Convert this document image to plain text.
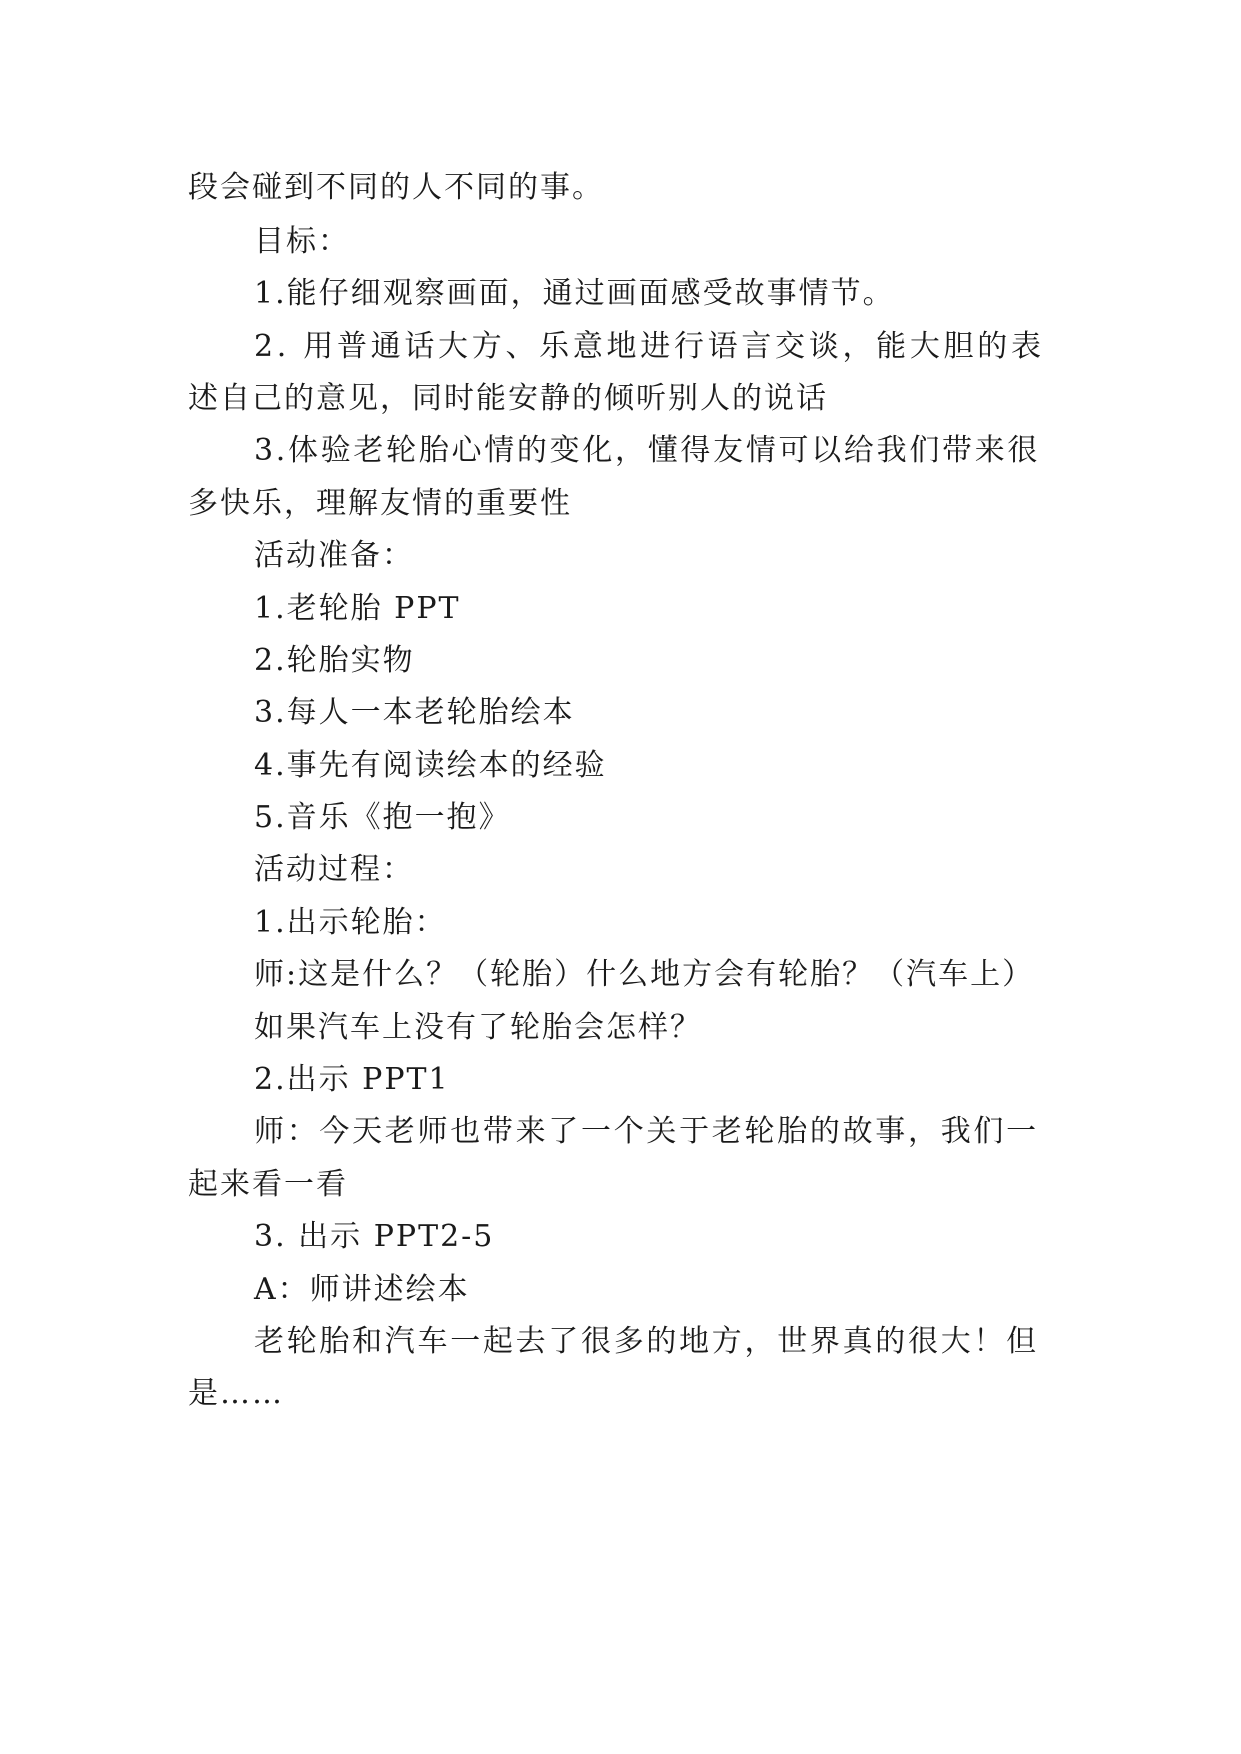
段会碰到不同的人不同的事。
目标：
1.能仔细观察画面，通过画面感受故事情节。
2. 用普通话大方、乐意地进行语言交谈，能大胆的表
述自己的意见，同时能安静的倾听别人的说话
3.体验老轮胎心情的变化，懂得友情可以给我们带来很
多快乐，理解友情的重要性
活动准备：
1.老轮胎 PPT
2.轮胎实物
3.每人一本老轮胎绘本
4.事先有阅读绘本的经验
5.音乐《抱一抱》
活动过程：
1.出示轮胎：
师:这是什么？（轮胎）什么地方会有轮胎？（汽车上）
如果汽车上没有了轮胎会怎样？
2.出示 PPT1
师：今天老师也带来了一个关于老轮胎的故事，我们一
起来看一看
3. 出示 PPT2-5
A：师讲述绘本
老轮胎和汽车一起去了很多的地方，世界真的很大！但
是……
